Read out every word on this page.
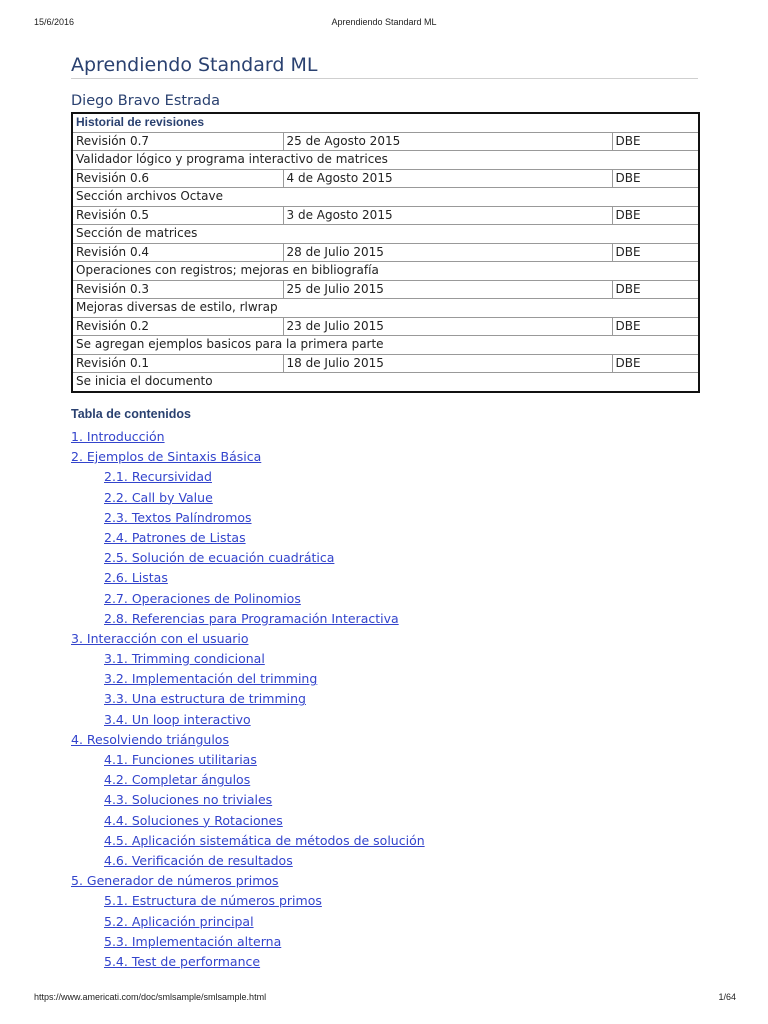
15/6/2016	Aprendiendo Standard ML
Aprendiendo Standard ML
Diego Bravo Estrada
Historial de revisiones		
Revisión 0.7	25 de Agosto 2015	DBE
Validador lógico y programa interactivo de matrices		
Revisión 0.6	4 de Agosto 2015	DBE
Sección archivos Octave		
Revisión 0.5	3 de Agosto 2015	DBE
Sección de matrices		
Revisión 0.4	28 de Julio 2015	DBE
Operaciones con registros; mejoras en bibliografía		
Revisión 0.3	25 de Julio 2015	DBE
Mejoras diversas de estilo, rlwrap		
Revisión 0.2	23 de Julio 2015	DBE
Se agregan ejemplos basicos para la primera parte		
Revisión 0.1	18 de Julio 2015	DBE
Se inicia el documento		
Tabla de contenidos
1. Introducción
2. Ejemplos de Sintaxis Básica
2.1. Recursividad
2.2. Call by Value
2.3. Textos Palíndromos
2.4. Patrones de Listas
2.5. Solución de ecuación cuadrática
2.6. Listas
2.7. Operaciones de Polinomios
2.8. Referencias para Programación Interactiva
3. Interacción con el usuario
3.1. Trimming condicional
3.2. Implementación del trimming
3.3. Una estructura de trimming
3.4. Un loop interactivo
4. Resolviendo triángulos
4.1. Funciones utilitarias
4.2. Completar ángulos
4.3. Soluciones no triviales
4.4. Soluciones y Rotaciones
4.5. Aplicación sistemática de métodos de solución
4.6. Verificación de resultados
5. Generador de números primos
5.1. Estructura de números primos
5.2. Aplicación principal
5.3. Implementación alterna
5.4. Test de performance
https://www.americati.com/doc/smlsample/smlsample.html	1/64
